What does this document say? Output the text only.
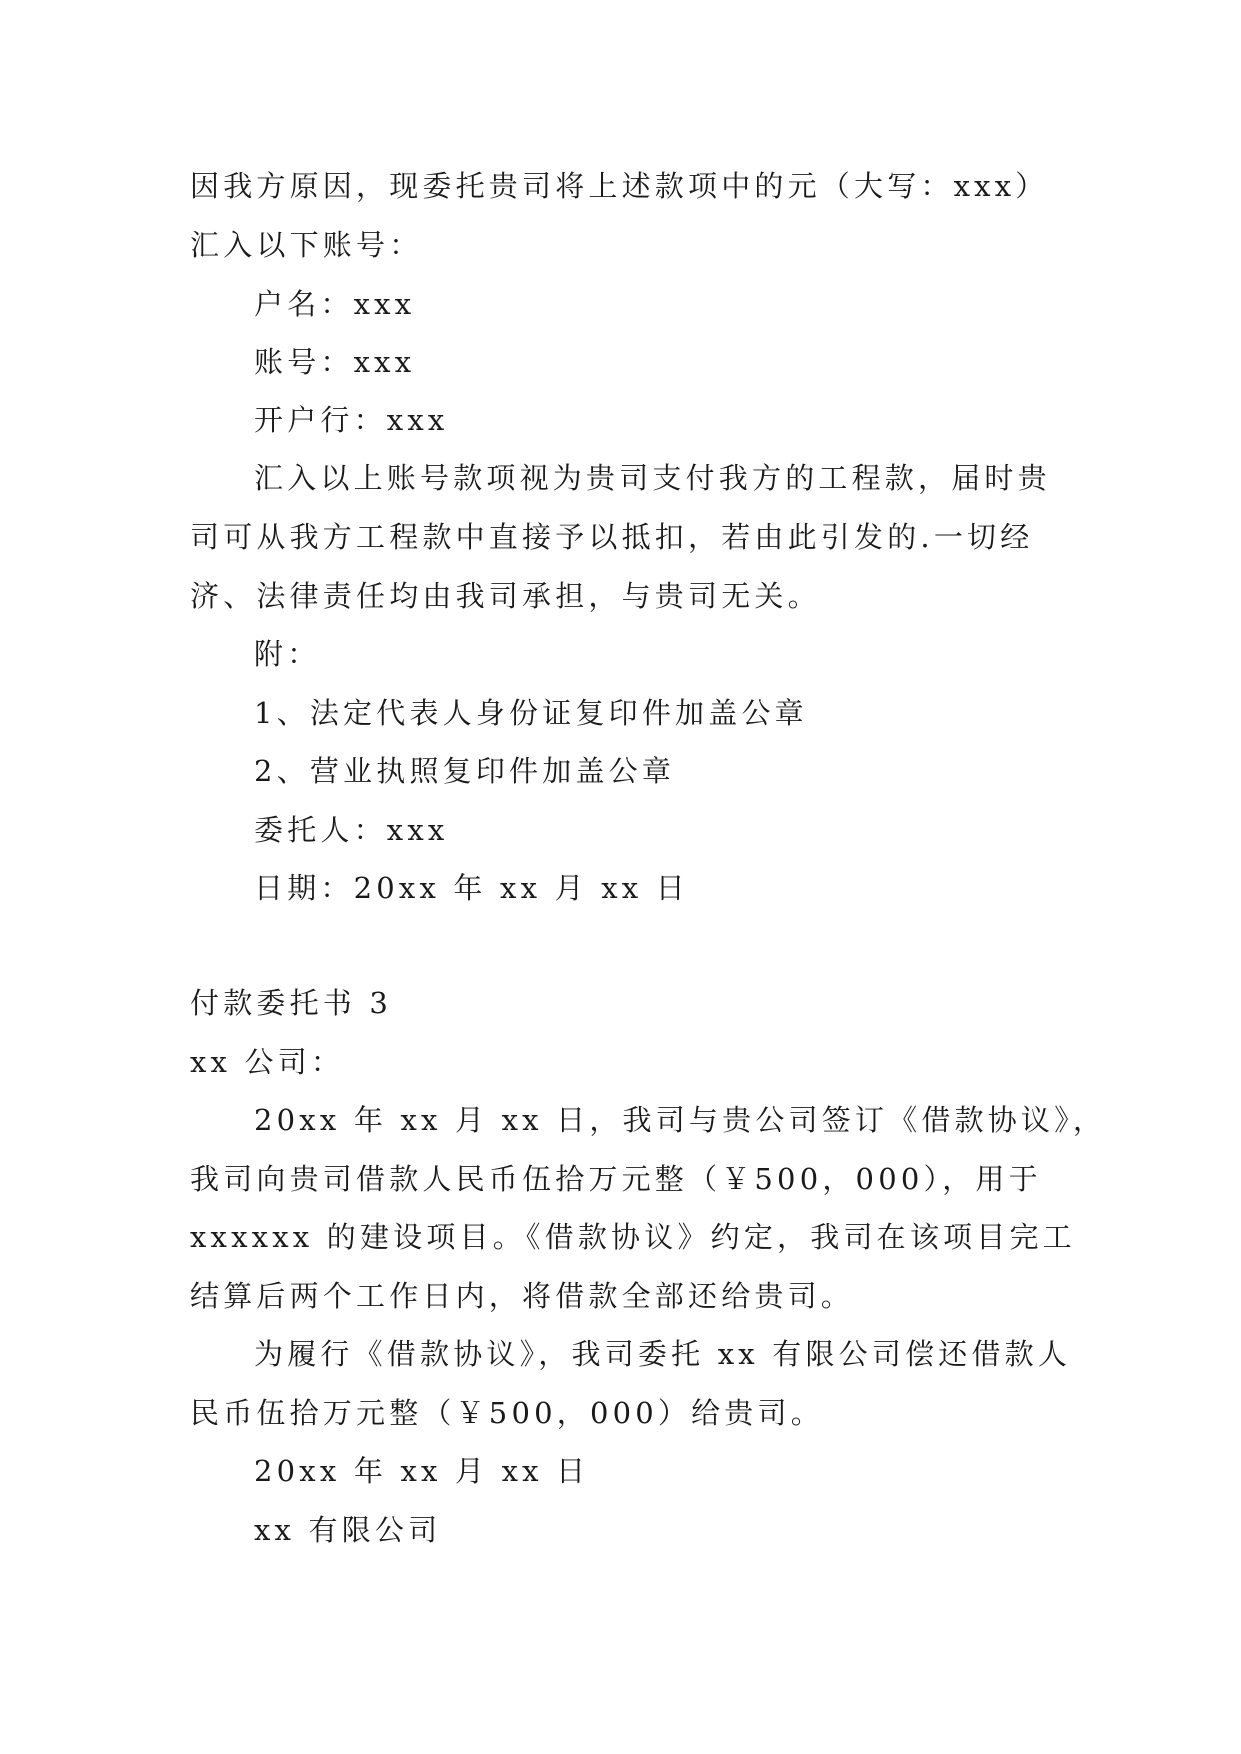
因我方原因，现委托贵司将上述款项中的元（大写：xxx）
汇入以下账号：
户名：xxx
账号：xxx
开户行：xxx
汇入以上账号款项视为贵司支付我方的工程款，届时贵
司可从我方工程款中直接予以抵扣，若由此引发的.一切经
济、法律责任均由我司承担，与贵司无关。
附：
1、法定代表人身份证复印件加盖公章
2、营业执照复印件加盖公章
委托人：xxx
日期：20xx 年 xx 月 xx 日
付款委托书 3
xx 公司：
20xx 年 xx 月 xx 日，我司与贵公司签订《借款协议》，
我司向贵司借款人民币伍拾万元整（￥500，000），用于
xxxxxx 的建设项目。《借款协议》约定，我司在该项目完工
结算后两个工作日内，将借款全部还给贵司。
为履行《借款协议》，我司委托 xx 有限公司偿还借款人
民币伍拾万元整（￥500，000）给贵司。
20xx 年 xx 月 xx 日
xx 有限公司
